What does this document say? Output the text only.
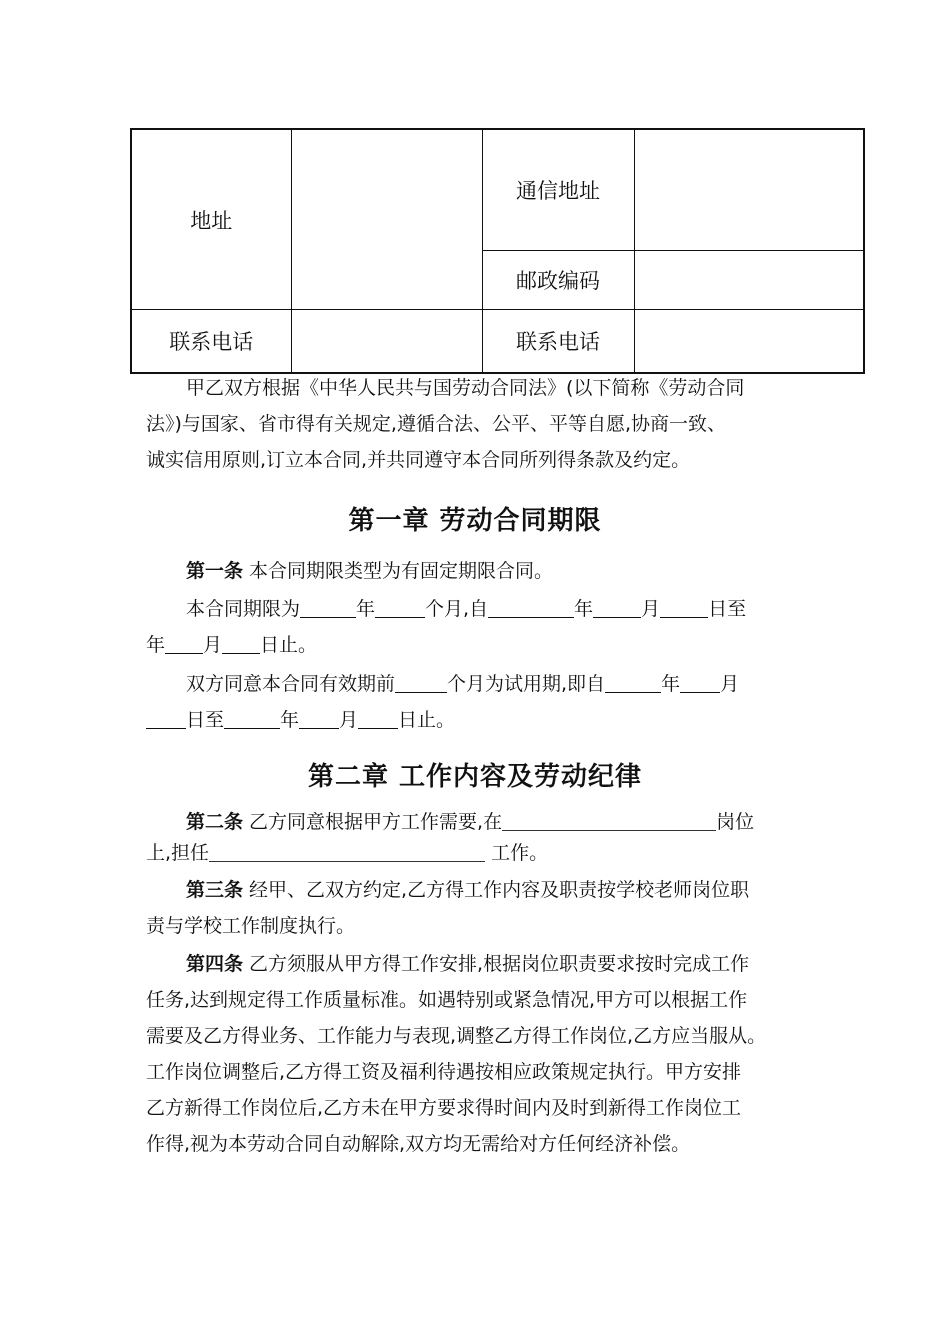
地址		通信地址	
		邮政编码	
联系电话		联系电话	

甲乙双方根据《中华人民共与国劳动合同法》(以下简称《劳动合同
法》)与国家、省市得有关规定,遵循合法、公平、平等自愿,协商一致、
诚实信用原则,订立本合同,并共同遵守本合同所列得条款及约定。

第一章 劳动合同期限

第一条 本合同期限类型为有固定期限合同。

本合同期限为	年	个月,自	年	月	日至
年 月 日止。

双方同意本合同有效期前	个月为试用期,即自	年 月
日至	年 月 日止。

第二章 工作内容及劳动纪律

第二条 乙方同意根据甲方工作需要,在	岗位
上,担任	工作。

第三条 经甲、乙双方约定,乙方得工作内容及职责按学校老师岗位职
责与学校工作制度执行。

第四条 乙方须服从甲方得工作安排,根据岗位职责要求按时完成工作
任务,达到规定得工作质量标准。如遇特别或紧急情况,甲方可以根据工作
需要及乙方得业务、工作能力与表现,调整乙方得工作岗位,乙方应当服从。
工作岗位调整后,乙方得工资及福利待遇按相应政策规定执行。甲方安排
乙方新得工作岗位后,乙方未在甲方要求得时间内及时到新得工作岗位工
作得,视为本劳动合同自动解除,双方均无需给对方任何经济补偿。
